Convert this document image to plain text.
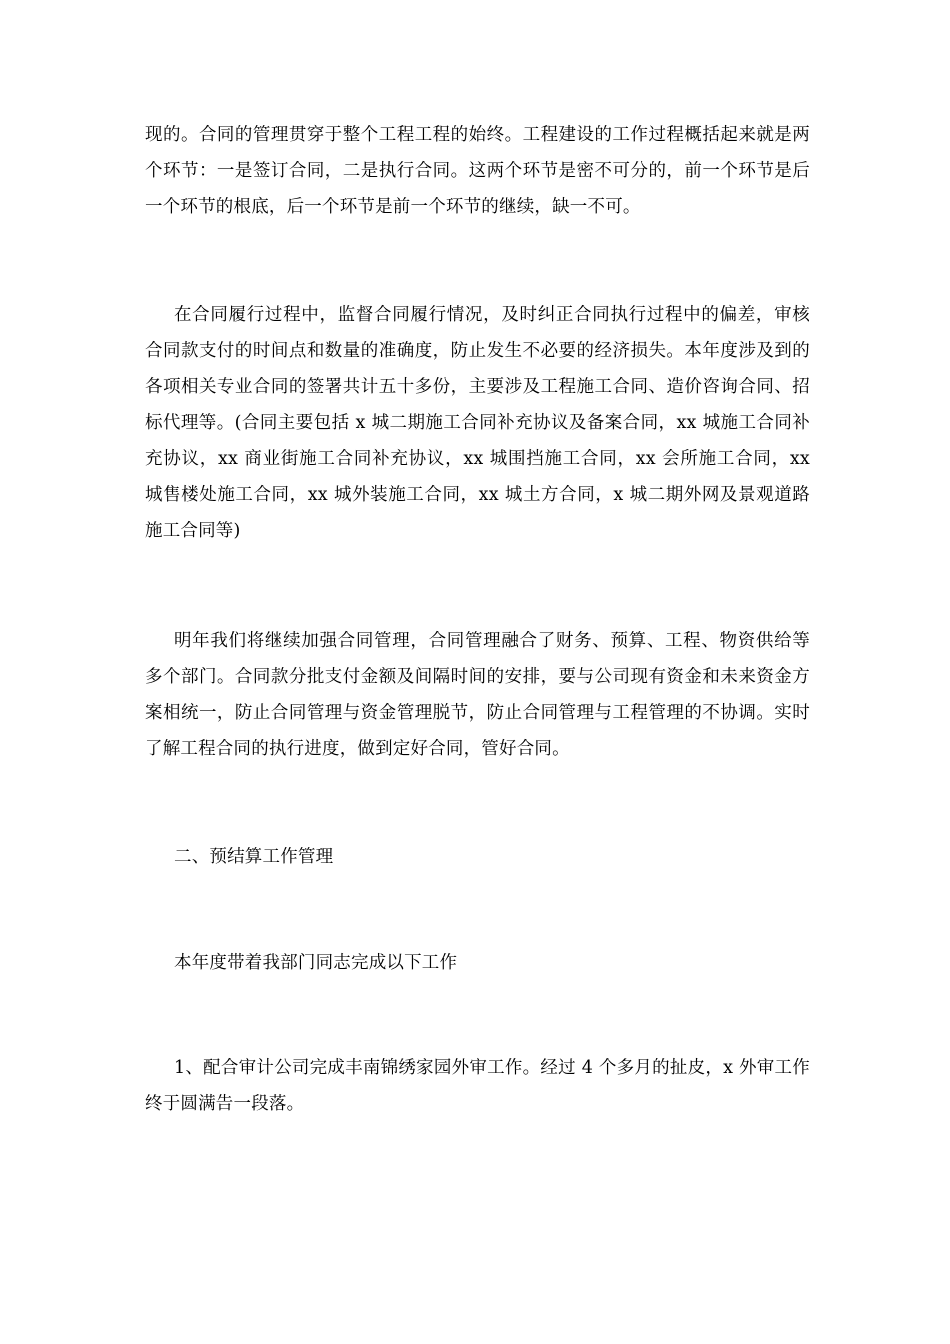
现的。合同的管理贯穿于整个工程工程的始终。工程建设的工作过程概括起来就是两个环节：一是签订合同，二是执行合同。这两个环节是密不可分的，前一个环节是后一个环节的根底，后一个环节是前一个环节的继续，缺一不可。

在合同履行过程中，监督合同履行情况，及时纠正合同执行过程中的偏差，审核合同款支付的时间点和数量的准确度，防止发生不必要的经济损失。本年度涉及到的各项相关专业合同的签署共计五十多份，主要涉及工程施工合同、造价咨询合同、招标代理等。(合同主要包括 x 城二期施工合同补充协议及备案合同，xx 城施工合同补充协议，xx 商业街施工合同补充协议，xx 城围挡施工合同，xx 会所施工合同，xx 城售楼处施工合同，xx 城外装施工合同，xx 城土方合同，x 城二期外网及景观道路施工合同等)

明年我们将继续加强合同管理，合同管理融合了财务、预算、工程、物资供给等多个部门。合同款分批支付金额及间隔时间的安排，要与公司现有资金和未来资金方案相统一，防止合同管理与资金管理脱节，防止合同管理与工程管理的不协调。实时了解工程合同的执行进度，做到定好合同，管好合同。

二、预结算工作管理

本年度带着我部门同志完成以下工作

1、配合审计公司完成丰南锦绣家园外审工作。经过 4 个多月的扯皮，x 外审工作终于圆满告一段落。
